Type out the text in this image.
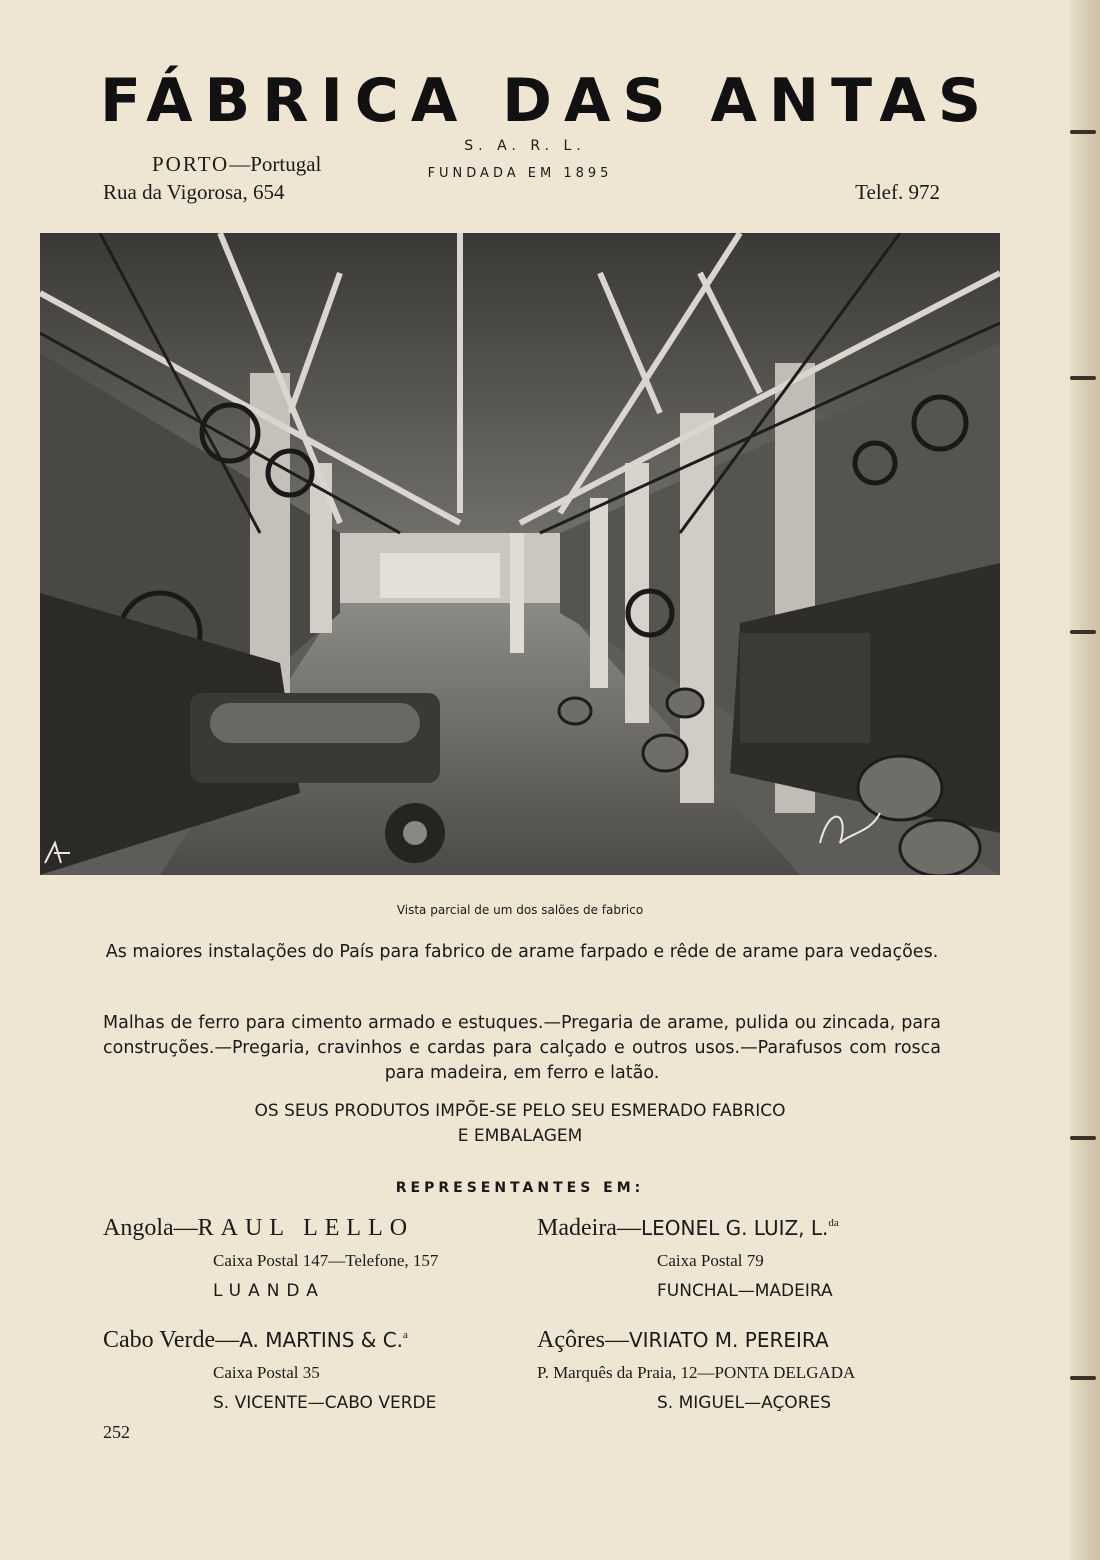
FÁBRICA DAS ANTAS
S. A. R. L.
FUNDADA EM 1895
PORTO—Portugal
Rua da Vigorosa, 654	Telef. 972
Vista parcial de um dos salões de fabrico
As maiores instalações do País para fabrico de arame farpado e rêde de arame para vedações.
Malhas de ferro para cimento armado e estuques.—Pregaria de arame, pulida ou zincada, para construções.—Pregaria, cravinhos e cardas para calçado e outros usos.—Parafusos com rosca para madeira, em ferro e latão.
OS SEUS PRODUTOS IMPÕE-SE PELO SEU ESMERADO FABRICO
E EMBALAGEM
REPRESENTANTES EM:
Angola—RAUL LELLO
Caixa Postal 147—Telefone, 157
LUANDA
Madeira—LEONEL G. LUIZ, L.$^{da}$
Caixa Postal 79
FUNCHAL—MADEIRA
Cabo Verde—A. MARTINS & C.$^a$
Caixa Postal 35
S. VICENTE—CABO VERDE
Açôres—VIRIATO M. PEREIRA
P. Marquês da Praia, 12—PONTA DELGADA
S. MIGUEL—AÇORES
252
